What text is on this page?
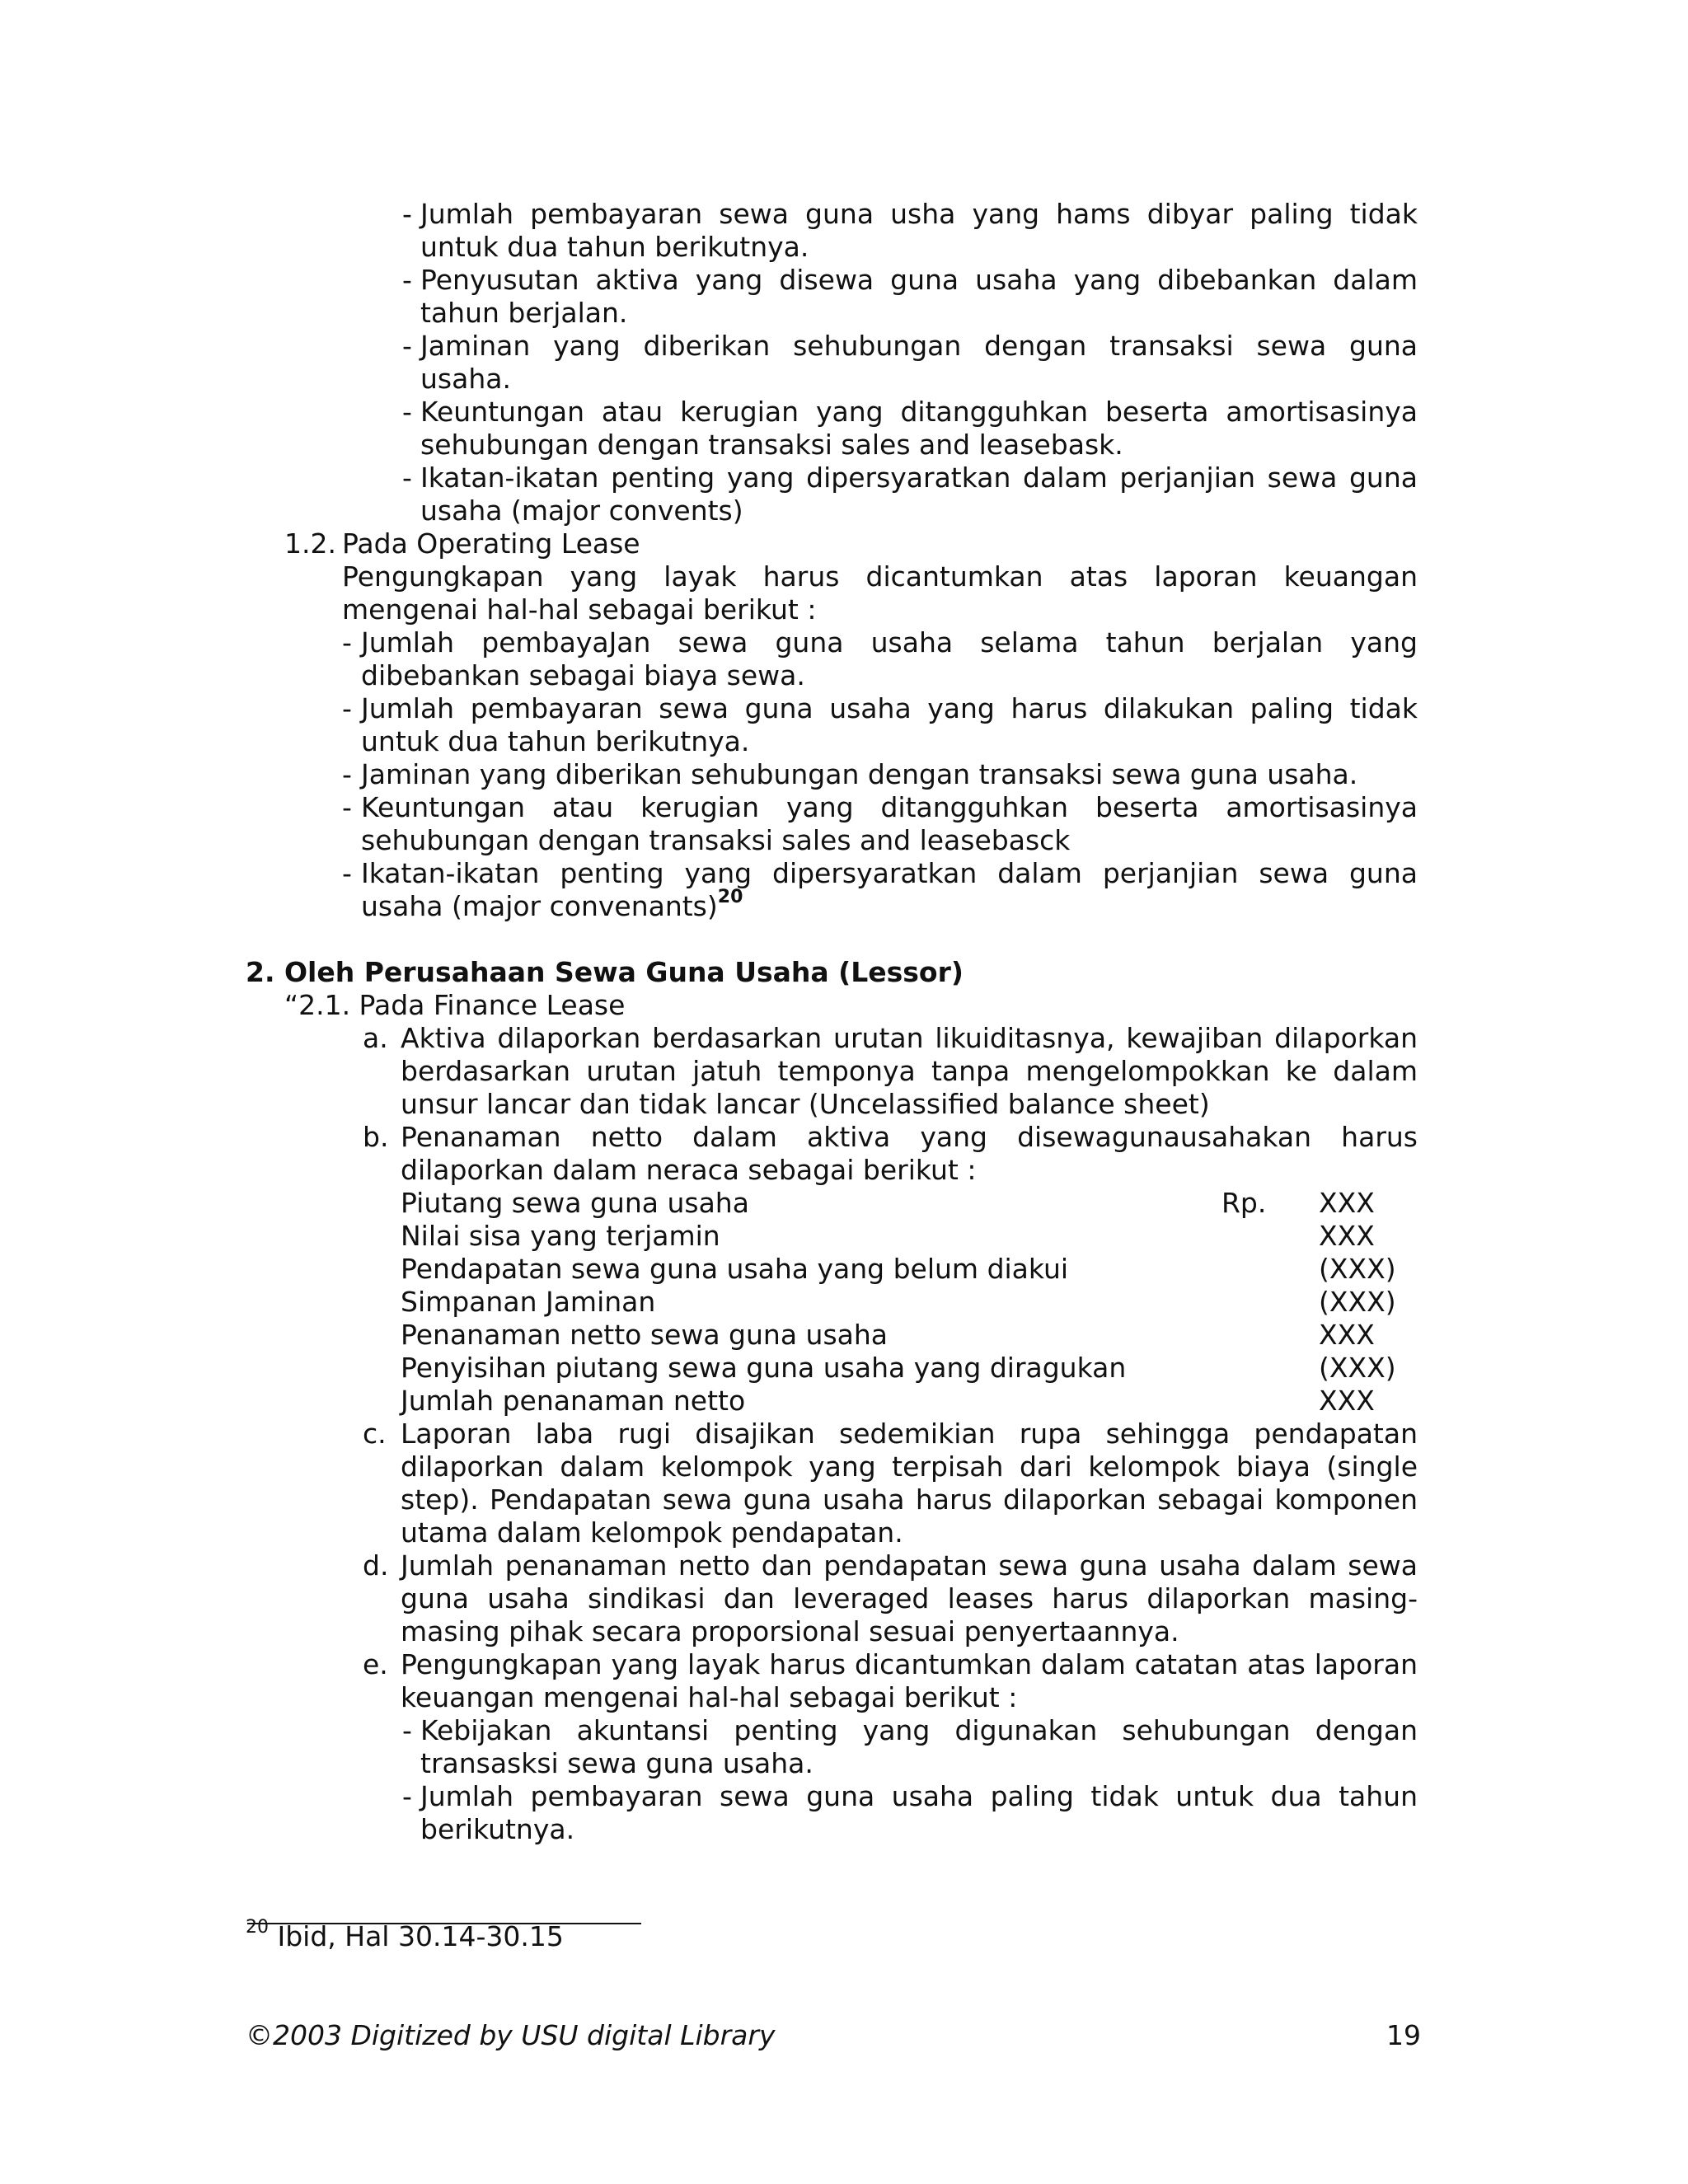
- Jumlah pembayaran sewa guna usha yang hams dibyar paling tidak
untuk dua tahun berikutnya.
- Penyusutan aktiva yang disewa guna usaha yang dibebankan dalam
tahun berjalan.
- Jaminan yang diberikan sehubungan dengan transaksi sewa guna
usaha.
- Keuntungan atau kerugian yang ditangguhkan beserta amortisasinya
sehubungan dengan transaksi sales and leasebask.
- Ikatan-ikatan penting yang dipersyaratkan dalam perjanjian sewa guna
usaha (major convents)
1.2. Pada Operating Lease
Pengungkapan yang layak harus dicantumkan atas laporan keuangan
mengenai hal-hal sebagai berikut :
- Jumlah pembayaJan sewa guna usaha selama tahun berjalan yang
dibebankan sebagai biaya sewa.
- Jumlah pembayaran sewa guna usaha yang harus dilakukan paling tidak
untuk dua tahun berikutnya.
- Jaminan yang diberikan sehubungan dengan transaksi sewa guna usaha.
- Keuntungan atau kerugian yang ditangguhkan beserta amortisasinya
sehubungan dengan transaksi sales and leasebasck
- Ikatan-ikatan penting yang dipersyaratkan dalam perjanjian sewa guna
usaha (major convenants)$^{20}$
2. Oleh Perusahaan Sewa Guna Usaha (Lessor)
“2.1. Pada Finance Lease
a. Aktiva dilaporkan berdasarkan urutan likuiditasnya, kewajiban dilaporkan
berdasarkan urutan jatuh temponya tanpa mengelompokkan ke dalam
unsur lancar dan tidak lancar (Uncelassified balance sheet)
b. Penanaman netto dalam aktiva yang disewagunausahakan harus
dilaporkan dalam neraca sebagai berikut :
Piutang sewa guna usaha	Rp. XXX
Nilai sisa yang terjamin	XXX
Pendapatan sewa guna usaha yang belum diakui	(XXX)
Simpanan Jaminan	(XXX)
Penanaman netto sewa guna usaha	XXX
Penyisihan piutang sewa guna usaha yang diragukan	(XXX)
Jumlah penanaman netto	XXX
c. Laporan laba rugi disajikan sedemikian rupa sehingga pendapatan
dilaporkan dalam kelompok yang terpisah dari kelompok biaya (single
step). Pendapatan sewa guna usaha harus dilaporkan sebagai komponen
utama dalam kelompok pendapatan.
d. Jumlah penanaman netto dan pendapatan sewa guna usaha dalam sewa
guna usaha sindikasi dan leveraged leases harus dilaporkan masing-
masing pihak secara proporsional sesuai penyertaannya.
e. Pengungkapan yang layak harus dicantumkan dalam catatan atas laporan
keuangan mengenai hal-hal sebagai berikut :
- Kebijakan akuntansi penting yang digunakan sehubungan dengan
transasksi sewa guna usaha.
- Jumlah pembayaran sewa guna usaha paling tidak untuk dua tahun
berikutnya.
$^{20}$ Ibid, Hal 30.14-30.15
©2003 Digitized by USU digital Library	19
